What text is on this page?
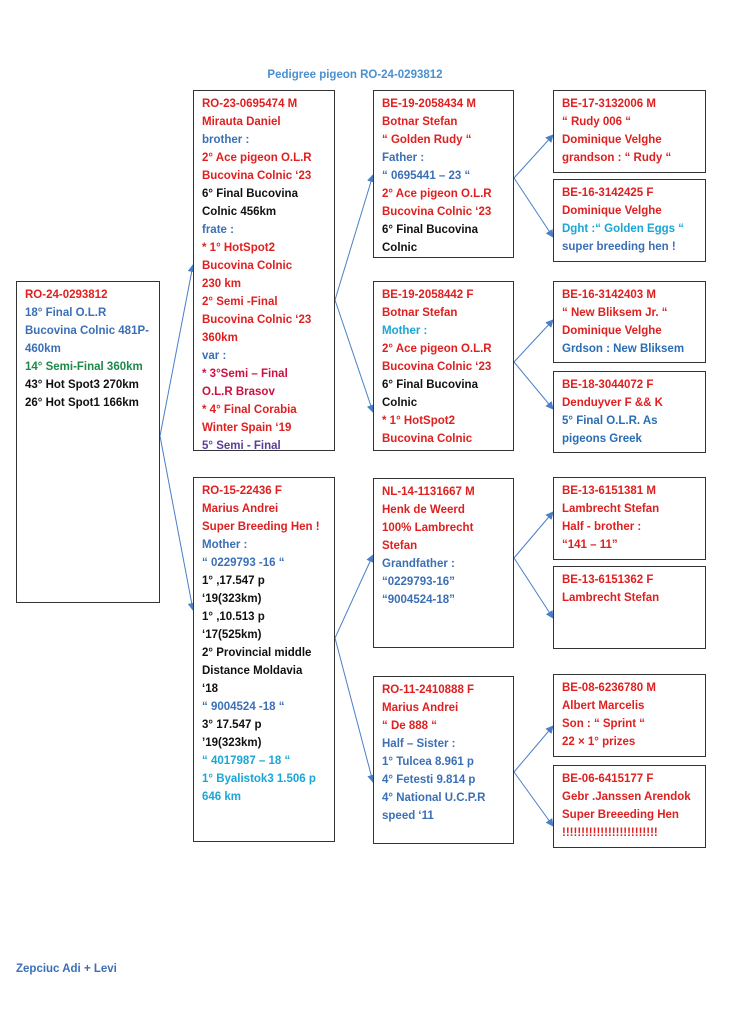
Pedigree pigeon RO-24-0293812
RO-24-0293812
18° Final O.L.R
Bucovina Colnic 481P-
460km
14° Semi-Final 360km
43° Hot Spot3 270km
26° Hot Spot1 166km
RO-23-0695474 M
Mirauta Daniel
brother :
2° Ace pigeon O.L.R
Bucovina Colnic ‘23
6° Final Bucovina
Colnic 456km
frate :
* 1° HotSpot2
Bucovina Colnic
230 km
2° Semi -Final
Bucovina Colnic ‘23
360km
var :
* 3°Semi – Final
O.L.R Brasov
* 4° Final Corabia
Winter Spain ‘19
5° Semi - Final
RO-15-22436 F
Marius Andrei
Super Breeding Hen !
Mother :
“ 0229793 -16 “
1° ,17.547 p
‘19(323km)
1° ,10.513 p
‘17(525km)
2° Provincial middle
Distance Moldavia
‘18
“ 9004524 -18 “
3° 17.547 p
’19(323km)
“ 4017987 – 18 “
1° Byalistok3 1.506 p
646 km
BE-19-2058434 M
Botnar Stefan
“ Golden Rudy “
Father :
“ 0695441 – 23 “
2° Ace pigeon O.L.R
Bucovina Colnic ‘23
6° Final Bucovina
Colnic
BE-19-2058442 F
Botnar Stefan
Mother :
2° Ace pigeon O.L.R
Bucovina Colnic ‘23
6° Final Bucovina
Colnic
* 1° HotSpot2
Bucovina Colnic
NL-14-1131667 M
Henk de Weerd
100% Lambrecht
Stefan
Grandfather :
“0229793-16”
“9004524-18”
RO-11-2410888 F
Marius Andrei
“ De 888 “
Half – Sister :
1° Tulcea 8.961 p
4° Fetesti 9.814 p
4° National U.C.P.R
speed ‘11
BE-17-3132006 M
“ Rudy 006 “
Dominique Velghe
grandson : “ Rudy “
BE-16-3142425 F
Dominique Velghe
Dght :“ Golden Eggs “
super breeding hen !
BE-16-3142403 M
“ New Bliksem Jr. “
Dominique Velghe
Grdson : New Bliksem
BE-18-3044072 F
Denduyver F && K
5° Final O.L.R. As
pigeons Greek
BE-13-6151381 M
Lambrecht Stefan
Half - brother :
“141 – 11”
BE-13-6151362 F
Lambrecht Stefan
BE-08-6236780 M
Albert Marcelis
Son : “ Sprint “
22 × 1° prizes
BE-06-6415177 F
Gebr .Janssen Arendok
Super Breeeding Hen
!!!!!!!!!!!!!!!!!!!!!!!!!
Zepciuc Adi + Levi
